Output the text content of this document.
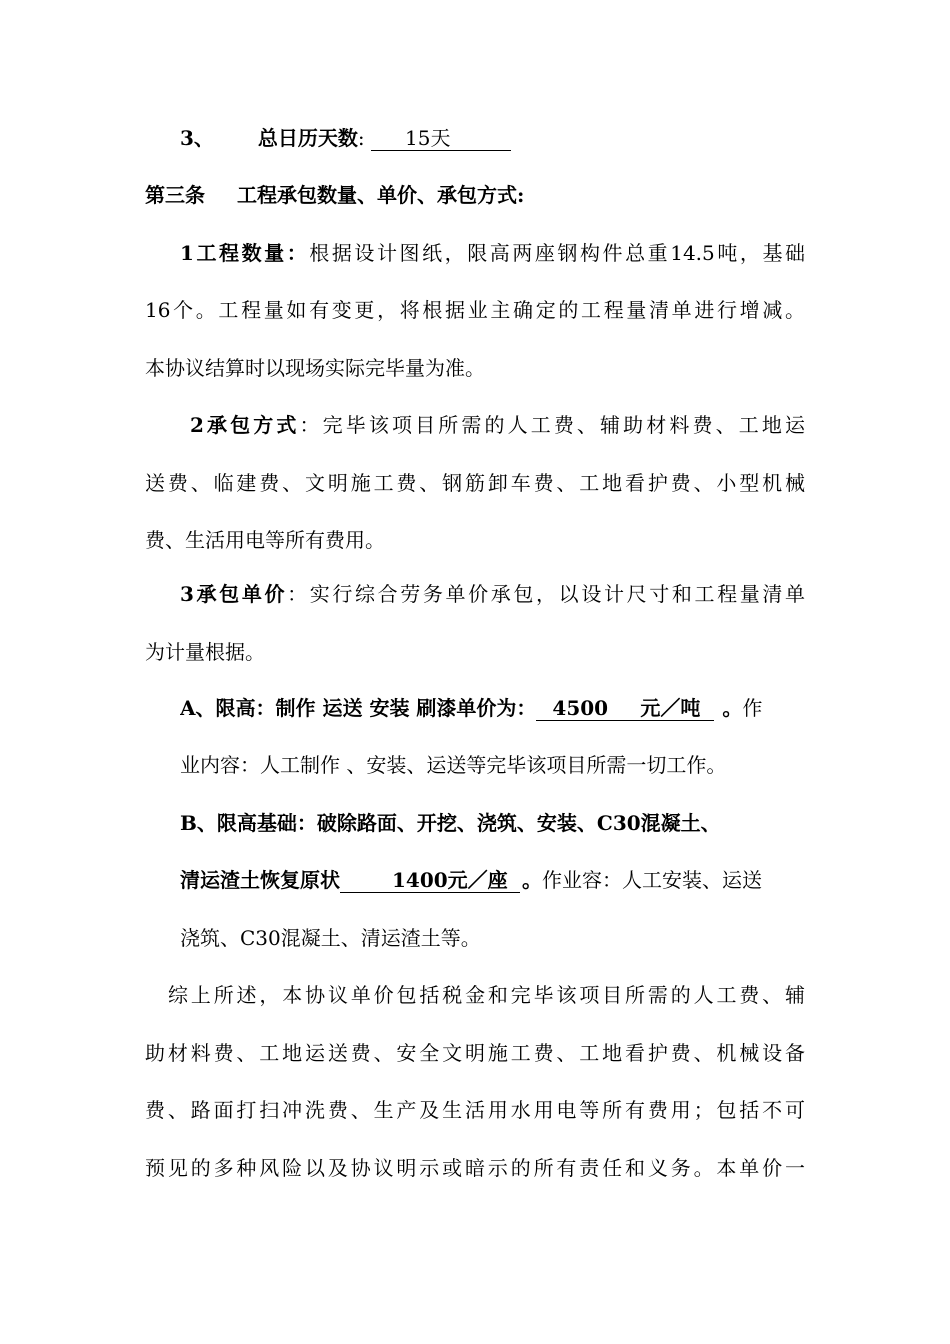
3、 总日历天数: 15天
第三条 工程承包数量、单价、承包方式:
1工程数量：根据设计图纸，限高两座钢构件总重14.5吨，基础
16个。工程量如有变更，将根据业主确定的工程量清单进行增减。
本协议结算时以现场实际完毕量为准。
2承包方式：完毕该项目所需的人工费、辅助材料费、工地运
送费、临建费、文明施工费、钢筋卸车费、工地看护费、小型机械
费、生活用电等所有费用。
3承包单价：实行综合劳务单价承包，以设计尺寸和工程量清单
为计量根据。
A、限高：制作 运送 安装 刷漆单价为： 4500 元／吨 。作
业内容：人工制作 、安装、运送等完毕该项目所需一切工作。
B、限高基础：破除路面、开挖、浇筑、安装、C30混凝土、
清运渣土恢复原状	1400元／座 。作业容：人工安装、运送
浇筑、C30混凝土、清运渣土等。
综上所述，本协议单价包括税金和完毕该项目所需的人工费、辅
助材料费、工地运送费、安全文明施工费、工地看护费、机械设备
费、路面打扫冲洗费、生产及生活用水用电等所有费用；包括不可
预见的多种风险以及协议明示或暗示的所有责任和义务。本单价一
